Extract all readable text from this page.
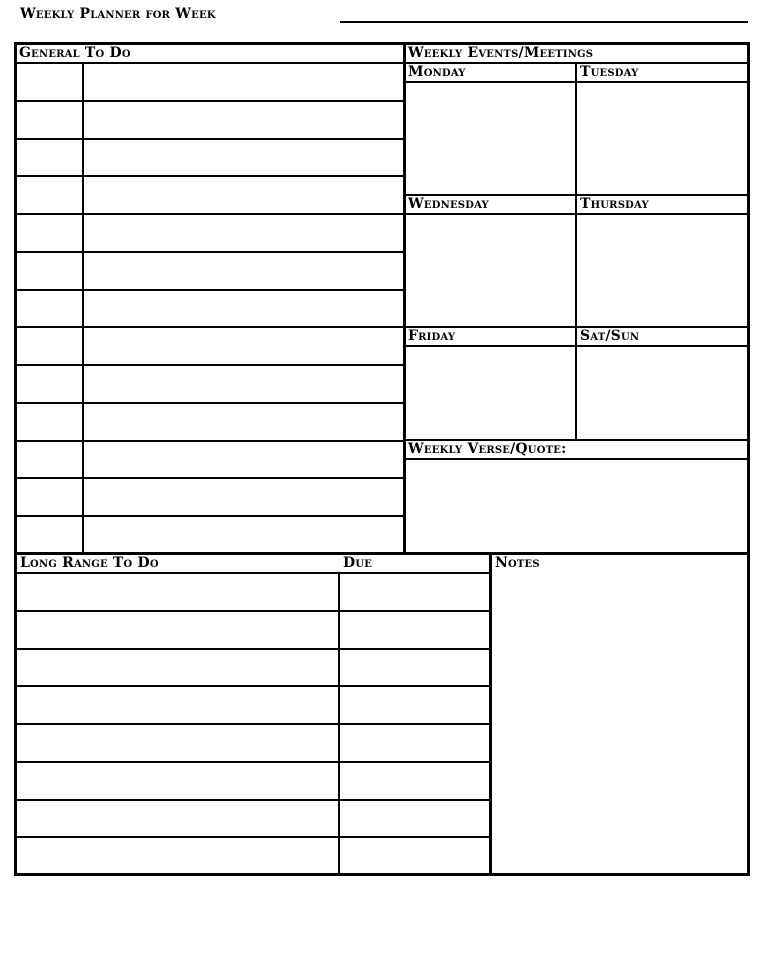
Weekly Planner for Week
General To Do	Weekly Events/Meetings
Monday	Tuesday
Wednesday	Thursday
Friday	Sat/Sun
Weekly Verse/Quote:
Long Range To Do	Due	Notes
